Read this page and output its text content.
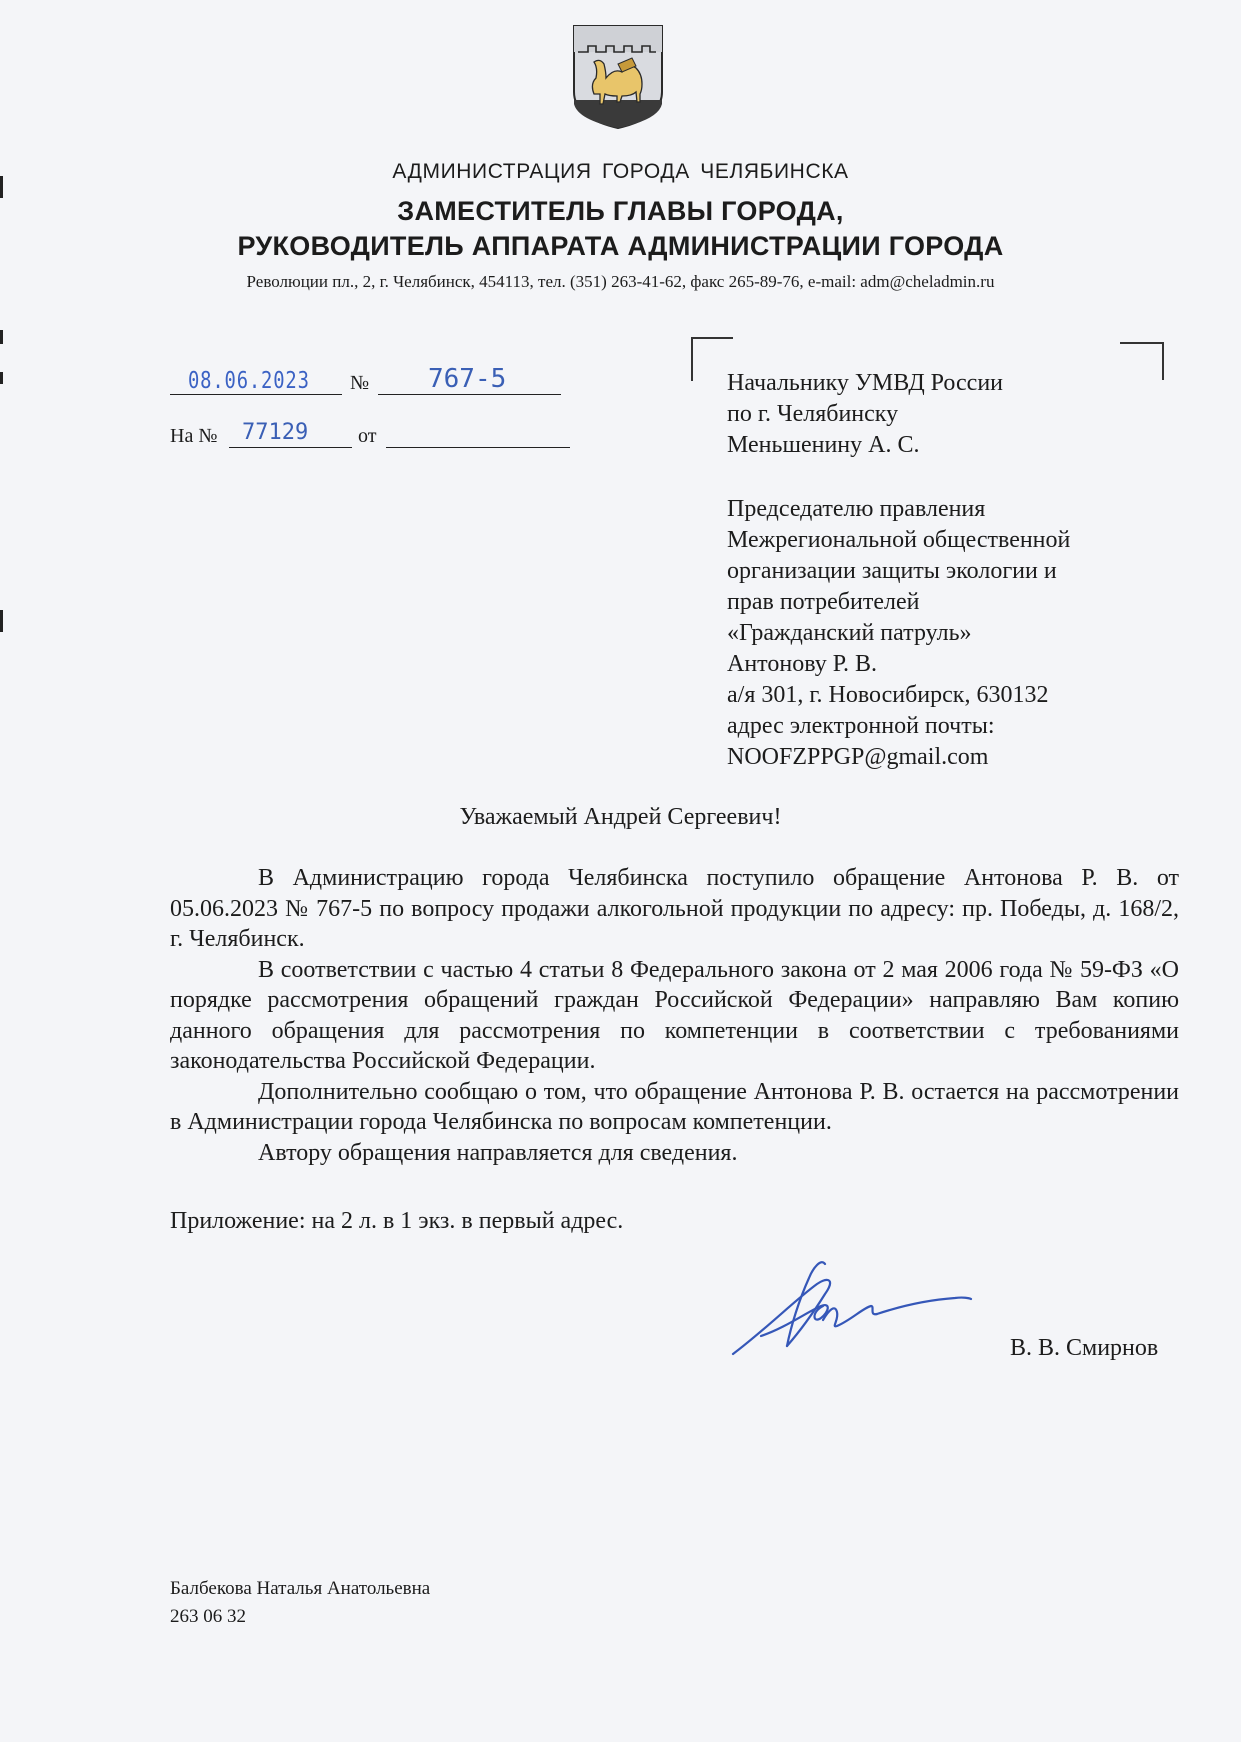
АДМИНИСТРАЦИЯ ГОРОДА ЧЕЛЯБИНСКА
ЗАМЕСТИТЕЛЬ ГЛАВЫ ГОРОДА,
РУКОВОДИТЕЛЬ АППАРАТА АДМИНИСТРАЦИИ ГОРОДА
Революции пл., 2, г. Челябинск, 454113, тел. (351) 263-41-62, факс 265-89-76, e-mail: adm@cheladmin.ru
08.06.2023 № 767-5
На № 77129 от
Начальнику УМВД России
по г. Челябинску
Меньшенину А. С.
Председателю правления
Межрегиональной общественной
организации защиты экологии и
прав потребителей
«Гражданский патруль»
Антонову Р. В.
а/я 301, г. Новосибирск, 630132
адрес электронной почты:
NOOFZPPGP@gmail.com
Уважаемый Андрей Сергеевич!

В Администрацию города Челябинска поступило обращение Антонова Р. В. от 05.06.2023 № 767-5 по вопросу продажи алкогольной продукции по адресу: пр. Победы, д. 168/2, г. Челябинск.

В соответствии с частью 4 статьи 8 Федерального закона от 2 мая 2006 года № 59-ФЗ «О порядке рассмотрения обращений граждан Российской Федерации» направляю Вам копию данного обращения для рассмотрения по компетенции в соответствии с требованиями законодательства Российской Федерации.

Дополнительно сообщаю о том, что обращение Антонова Р. В. остается на рассмотрении в Администрации города Челябинска по вопросам компетенции.

Автору обращения направляется для сведения.

Приложение: на 2 л. в 1 экз. в первый адрес.
В. В. Смирнов
Балбекова Наталья Анатольевна
263 06 32
